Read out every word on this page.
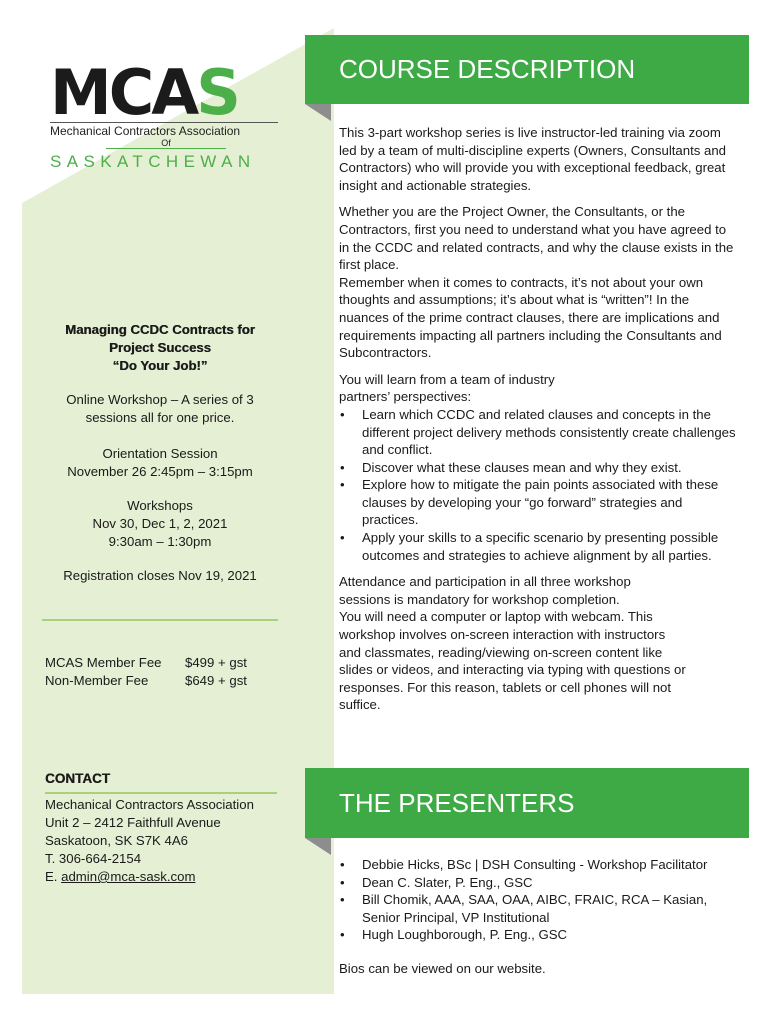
MCAS
Mechanical Contractors Association
Of
SASKATCHEWAN
Managing CCDC Contracts for
Project Success
“Do Your Job!”
Online Workshop – A series of 3
sessions all for one price.
Orientation Session
November 26 2:45pm – 3:15pm
Workshops
Nov 30, Dec 1, 2, 2021
9:30am – 1:30pm
Registration closes Nov 19, 2021
MCAS Member Fee	$499 + gst
Non-Member Fee	$649 + gst
CONTACT
Mechanical Contractors Association
Unit 2 – 2412 Faithfull Avenue
Saskatoon, SK S7K 4A6
T. 306-664-2154
E. admin@mca-sask.com
COURSE DESCRIPTION

This 3-part workshop series is live instructor-led training via zoom led by a team of multi-discipline experts (Owners, Consultants and Contractors) who will provide you with exceptional feedback, great insight and actionable strategies.

Whether you are the Project Owner, the Consultants, or the Contractors, first you need to understand what you have agreed to in the CCDC and related contracts, and why the clause exists in the first place.

Remember when it comes to contracts, it’s not about your own thoughts and assumptions; it’s about what is “written”! In the nuances of the prime contract clauses, there are implications and requirements impacting all partners including the Consultants and Subcontractors.

You will learn from a team of industry
partners’ perspectives:
• Learn which CCDC and related clauses and concepts in the different project delivery methods consistently create challenges and conflict.
• Discover what these clauses mean and why they exist.
• Explore how to mitigate the pain points associated with these clauses by developing your “go forward” strategies and practices.
• Apply your skills to a specific scenario by presenting possible outcomes and strategies to achieve alignment by all parties.
Attendance and participation in all three workshop
sessions is mandatory for workshop completion.
You will need a computer or laptop with webcam. This
workshop involves on-screen interaction with instructors
and classmates, reading/viewing on-screen content like
slides or videos, and interacting via typing with questions or
responses. For this reason, tablets or cell phones will not
suffice.
THE PRESENTERS
• Debbie Hicks, BSc | DSH Consulting - Workshop Facilitator
• Dean C. Slater, P. Eng., GSC
• Bill Chomik, AAA, SAA, OAA, AIBC, FRAIC, RCA – Kasian, Senior Principal, VP Institutional
• Hugh Loughborough, P. Eng., GSC
Bios can be viewed on our website.
